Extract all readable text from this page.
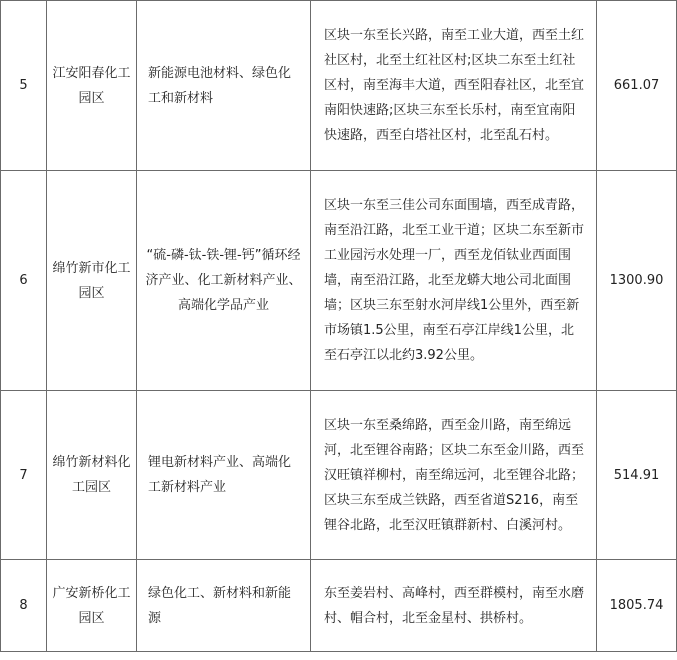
5	江安阳春化工园区	新能源电池材料、绿色化工和新材料	区块一东至长兴路，南至工业大道，西至土红社区村，北至土红社区村;区块二东至土红社区村，南至海丰大道，西至阳春社区，北至宜南阳快速路;区块三东至长乐村，南至宜南阳快速路，西至白塔社区村，北至乱石村。	661.07
6	绵竹新市化工园区	“硫-磷-钛-铁-锂-钙”循环经济产业、化工新材料产业、高端化学品产业	区块一东至三佳公司东面围墙，西至成青路，南至沿江路，北至工业干道；区块二东至新市工业园污水处理一厂，西至龙佰钛业西面围墙，南至沿江路，北至龙蟒大地公司北面围墙；区块三东至射水河岸线1公里外，西至新市场镇1.5公里，南至石亭江岸线1公里，北至石亭江以北约3.92公里。	1300.90
7	绵竹新材料化工园区	锂电新材料产业、高端化工新材料产业	区块一东至桑绵路，西至金川路，南至绵远河，北至锂谷南路；区块二东至金川路，西至汉旺镇祥柳村，南至绵远河，北至锂谷北路；区块三东至成兰铁路，西至省道S216，南至锂谷北路，北至汉旺镇群新村、白溪河村。	514.91
8	广安新桥化工园区	绿色化工、新材料和新能源	东至姜岩村、高峰村，西至群模村，南至水磨村、帽合村，北至金星村、拱桥村。	1805.74
